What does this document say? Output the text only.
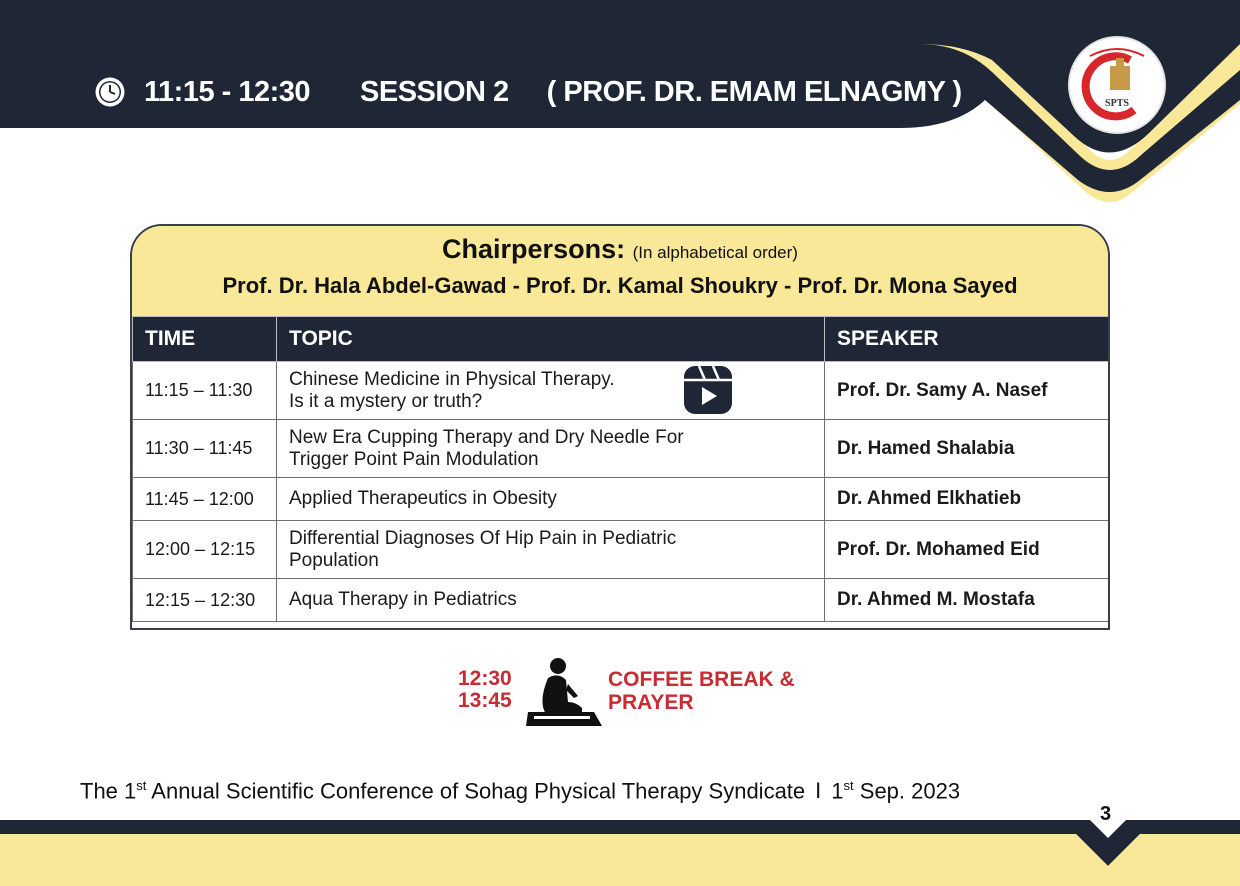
11:15 - 12:30 SESSION 2 ( PROF. DR. EMAM ELNAGMY )	SPTS
Chairpersons: (In alphabetical order)
Prof. Dr. Hala Abdel-Gawad - Prof. Dr. Kamal Shoukry - Prof. Dr. Mona Sayed
TIME	TOPIC	SPEAKER
11:15 – 11:30	Chinese Medicine in Physical Therapy.
Is it a mystery or truth?	Prof. Dr. Samy A. Nasef
11:30 – 11:45	New Era Cupping Therapy and Dry Needle For
Trigger Point Pain Modulation	Dr. Hamed Shalabia
11:45 – 12:00	Applied Therapeutics in Obesity	Dr. Ahmed Elkhatieb
12:00 – 12:15	Differential Diagnoses Of Hip Pain in Pediatric
Population	Prof. Dr. Mohamed Eid
12:15 – 12:30	Aqua Therapy in Pediatrics	Dr. Ahmed M. Mostafa
12:30
13:45
COFFEE BREAK &
PRAYER
The 1st Annual Scientific Conference of Sohag Physical Therapy Syndicate I 1st Sep. 2023
3
